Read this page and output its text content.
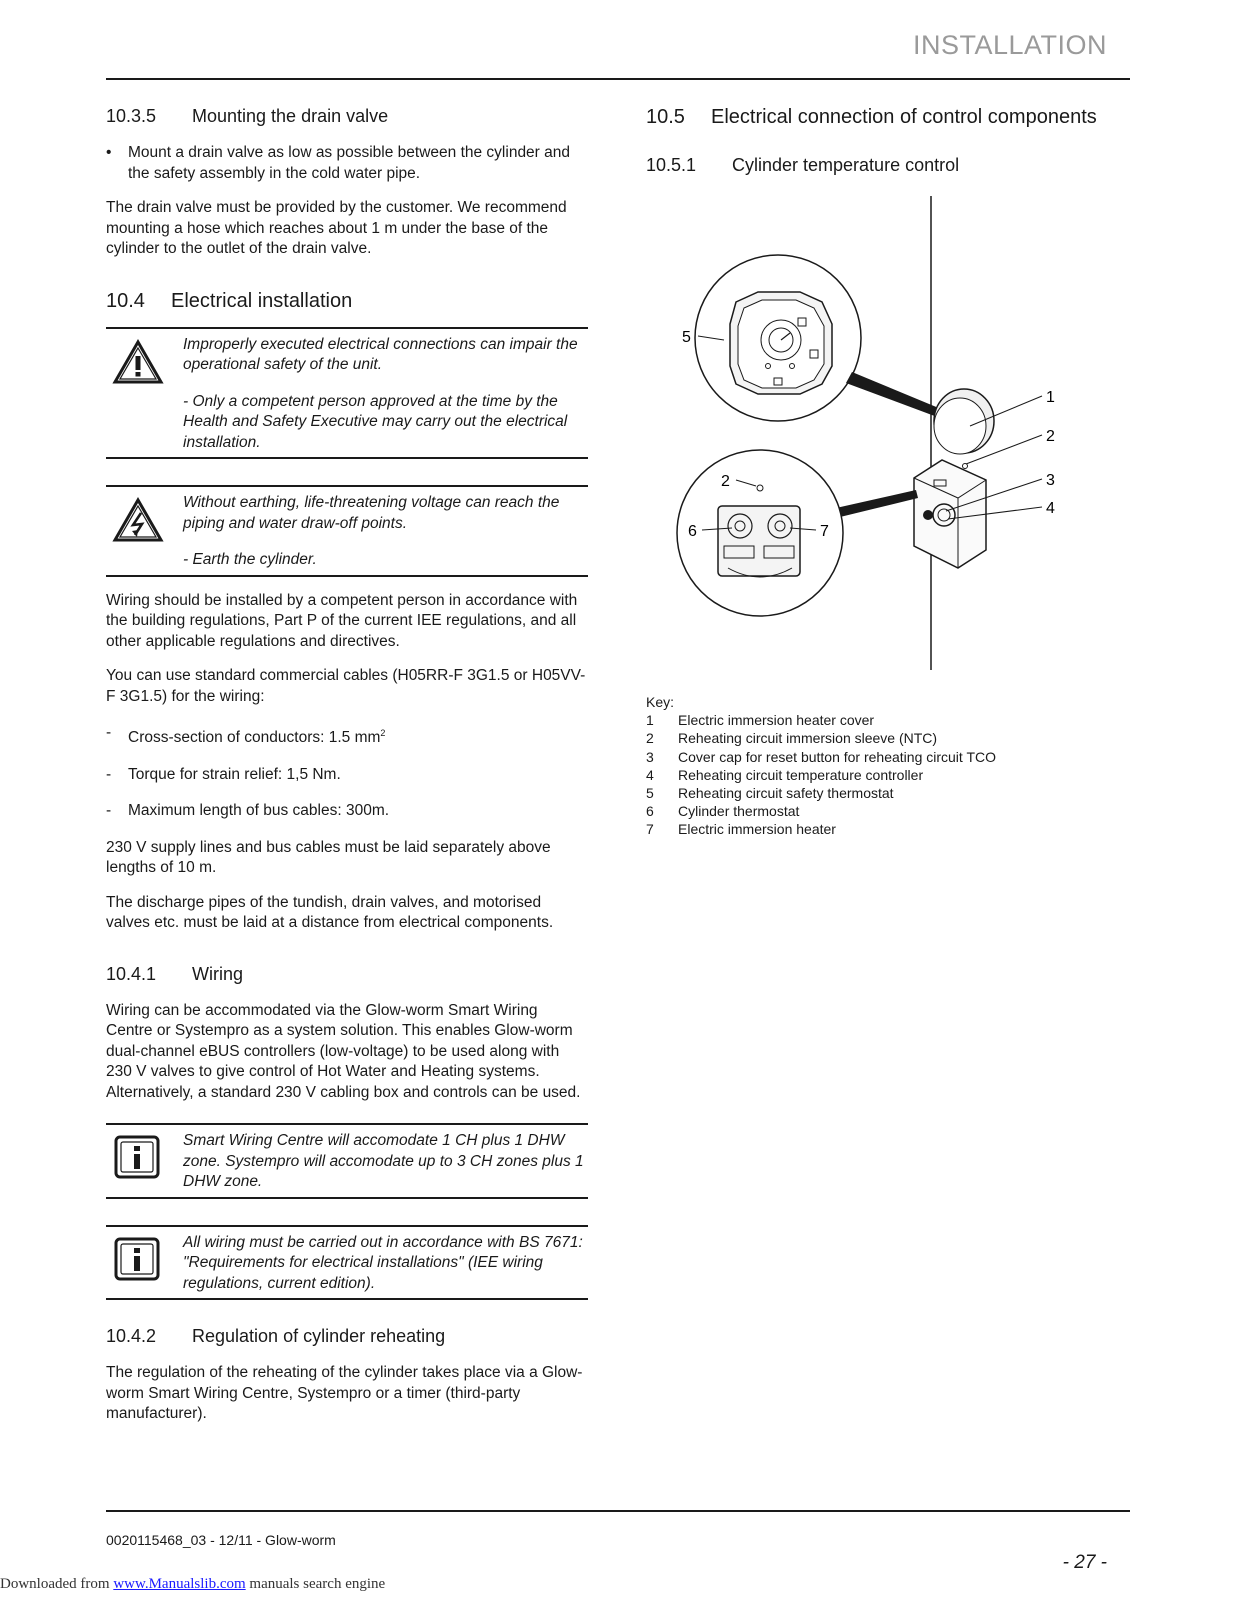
INSTALLATION
10.3.5	Mounting the drain valve
•	Mount a drain valve as low as possible between the cylinder and the safety assembly in the cold water pipe.

The drain valve must be provided by the customer. We recommend mounting a hose which reaches about 1 m under the base of the cylinder to the outlet of the drain valve.

10.4	Electrical installation

Improperly executed electrical connections can impair the operational safety of the unit.

- Only a competent person approved at the time by the Health and Safety Executive may carry out the electrical installation.

Without earthing, life-threatening voltage can reach the piping and water draw-off points.

- Earth the cylinder.

Wiring should be installed by a competent person in accordance with the building regulations, Part P of the current IEE regulations, and all other applicable regulations and directives.

You can use standard commercial cables (H05RR-F 3G1.5 or H05VV-F 3G1.5) for the wiring:

-	Cross-section of conductors: 1.5 $mm^2$
-	Torque for strain relief: 1,5 Nm.
-	Maximum length of bus cables: 300m.

230 V supply lines and bus cables must be laid separately above lengths of 10 m.

The discharge pipes of the tundish, drain valves, and motorised valves etc. must be laid at a distance from electrical components.

10.4.1	Wiring

Wiring can be accommodated via the Glow-worm Smart Wiring Centre or Systempro as a system solution. This enables Glow-worm dual-channel eBUS controllers (low-voltage) to be used along with 230 V valves to give control of Hot Water and Heating systems. Alternatively, a standard 230 V cabling box and controls can be used.

Smart Wiring Centre will accomodate 1 CH plus 1 DHW zone. Systempro will accomodate up to 3 CH zones plus 1 DHW zone.

All wiring must be carried out in accordance with BS 7671: "Requirements for electrical installations" (IEE wiring regulations, current edition).

10.4.2	Regulation of cylinder reheating

The regulation of the reheating of the cylinder takes place via a Glow-worm Smart Wiring Centre, Systempro or a timer (third-party manufacturer).

10.5	Electrical connection of control components
10.5.1	Cylinder temperature control
5
1
2
3
4
2
6	7
Key:
1	Electric immersion heater cover
2	Reheating circuit immersion sleeve (NTC)
3	Cover cap for reset button for reheating circuit TCO
4	Reheating circuit temperature controller
5	Reheating circuit safety thermostat
6	Cylinder thermostat
7	Electric immersion heater
0020115468_03 - 12/11 - Glow-worm
- 27 -
Downloaded from www.Manualslib.com manuals search engine
